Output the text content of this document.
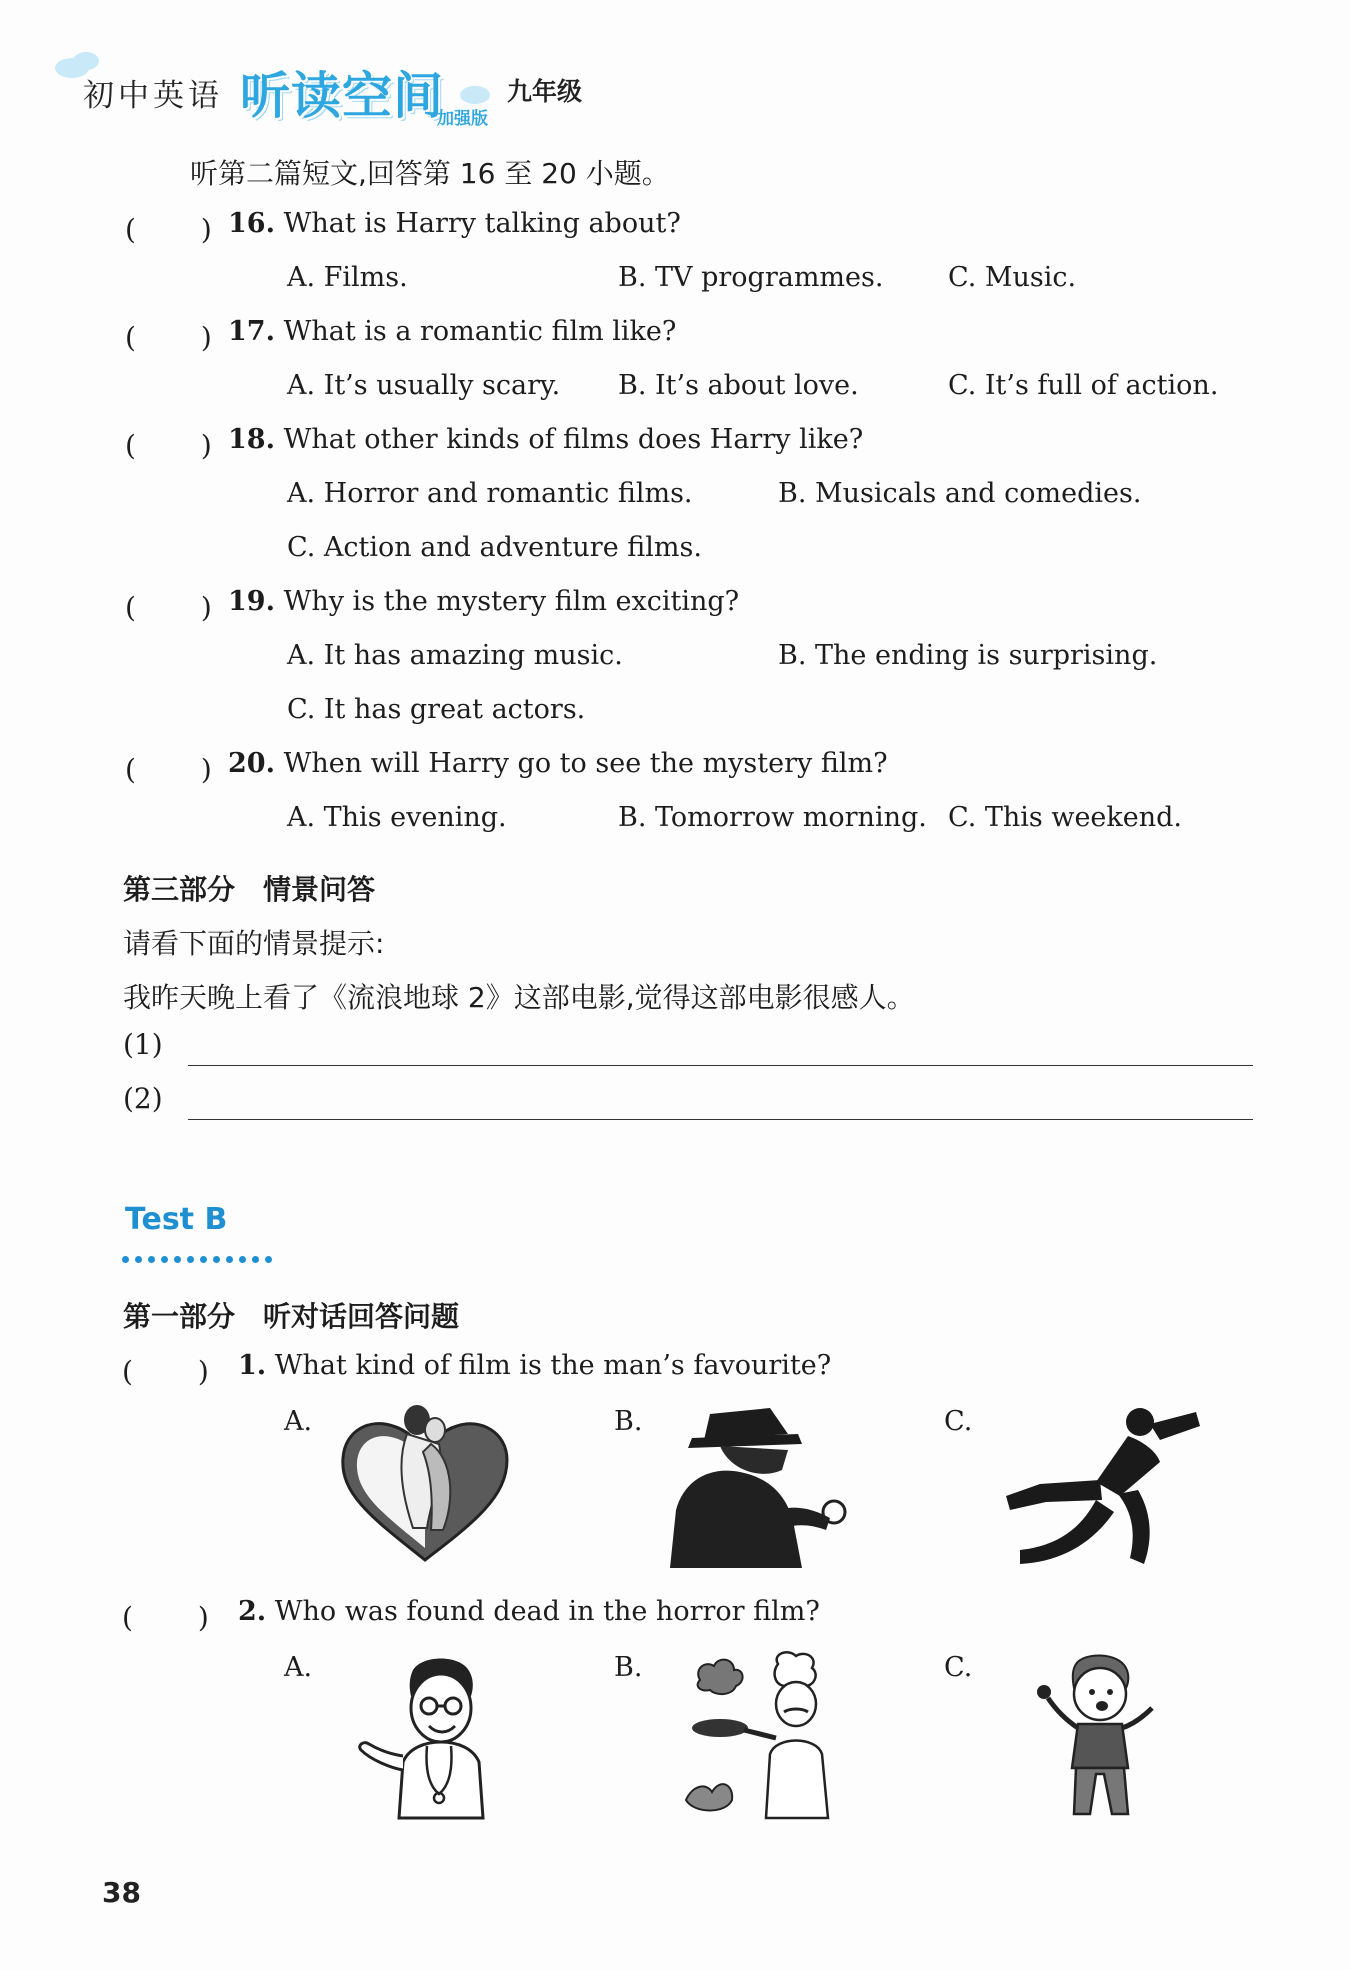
初中英语 听读空间
加强版
九年级
听第二篇短文,回答第 16 至 20 小题。
(　　 ) 16. What is Harry talking about?
A. Films.	B. TV programmes. C. Music.
(　　 ) 17. What is a romantic film like?
A. It’s usually scary. B. It’s about love.	C. It’s full of action.
(　　 ) 18. What other kinds of films does Harry like?
A. Horror and romantic films.	B. Musicals and comedies.
C. Action and adventure films.
(　　 ) 19. Why is the mystery film exciting?
A. It has amazing music.	B. The ending is surprising.
C. It has great actors.
(　　 ) 20. When will Harry go to see the mystery film?
A. This evening.	B. Tomorrow morning. C. This weekend.
第三部分　情景问答
请看下面的情景提示:
我昨天晚上看了《流浪地球 2》这部电影,觉得这部电影很感人。
(1)
(2)
Test B
第一部分　听对话回答问题
(　　 ) 1. What kind of film is the man’s favourite?
A.	B.	C.
(　　 ) 2. Who was found dead in the horror film?
A.	B.	C.
38
